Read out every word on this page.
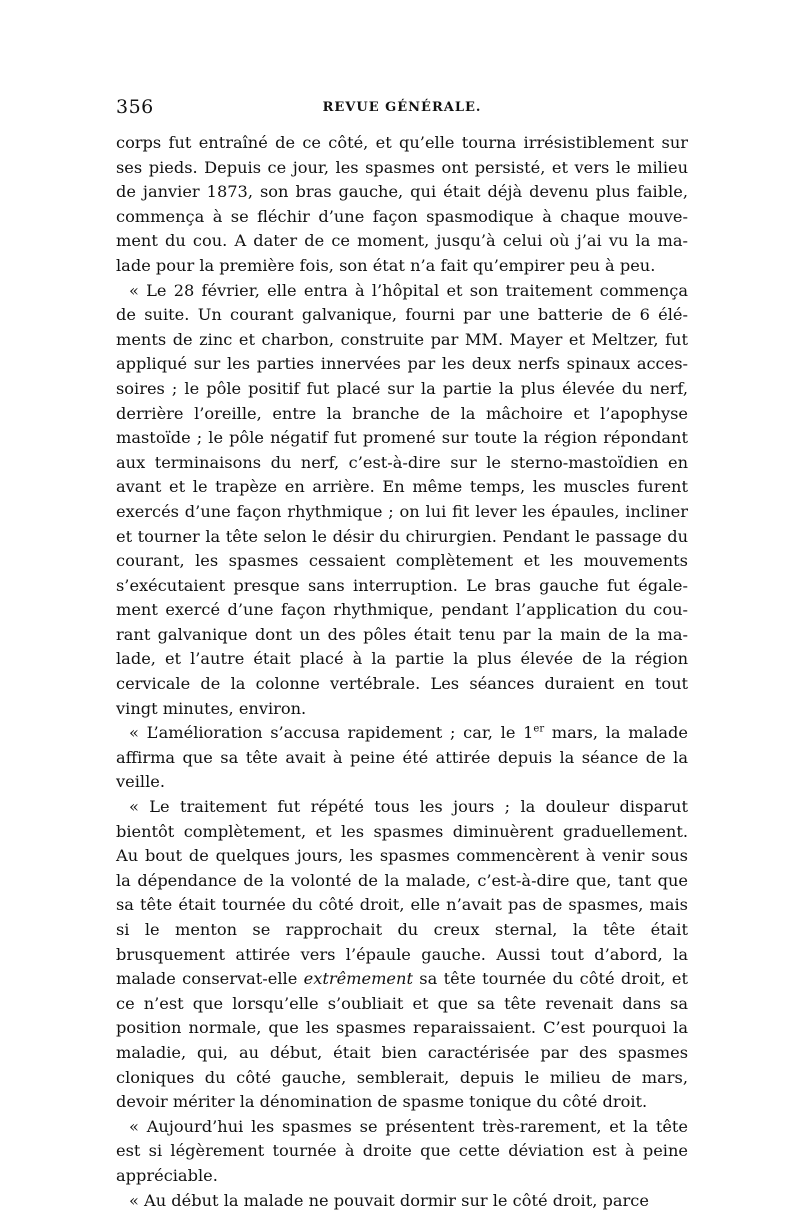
356	REVUE GÉNÉRALE.

corps fut entraîné de ce côté, et qu’elle tourna irrésistiblement sur ses pieds. Depuis ce jour, les spasmes ont persisté, et vers le milieu de janvier 1873, son bras gauche, qui était déjà devenu plus faible, commença à se fléchir d’une façon spasmodique à chaque mouvement du cou. A dater de ce moment, jusqu’à celui où j’ai vu la malade pour la première fois, son état n’a fait qu’empirer peu à peu.

« Le 28 février, elle entra à l’hôpital et son traitement commença de suite. Un courant galvanique, fourni par une batterie de 6 éléments de zinc et charbon, construite par MM. Mayer et Meltzer, fut appliqué sur les parties innervées par les deux nerfs spinaux accessoires ; le pôle positif fut placé sur la partie la plus élevée du nerf, derrière l’oreille, entre la branche de la mâchoire et l’apophyse mastoïde ; le pôle négatif fut promené sur toute la région répondant aux terminaisons du nerf, c’est-à-dire sur le sterno-mastoïdien en avant et le trapèze en arrière. En même temps, les muscles furent exercés d’une façon rhythmique ; on lui fit lever les épaules, incliner et tourner la tête selon le désir du chirurgien. Pendant le passage du courant, les spasmes cessaient complètement et les mouvements s’exécutaient presque sans interruption. Le bras gauche fut également exercé d’une façon rhythmique, pendant l’application du courant galvanique dont un des pôles était tenu par la main de la malade, et l’autre était placé à la partie la plus élevée de la région cervicale de la colonne vertébrale. Les séances duraient en tout vingt minutes, environ.

« L’amélioration s’accusa rapidement ; car, le 1er mars, la malade affirma que sa tête avait à peine été attirée depuis la séance de la veille.

« Le traitement fut répété tous les jours ; la douleur disparut bientôt complètement, et les spasmes diminuèrent graduellement. Au bout de quelques jours, les spasmes commencèrent à venir sous la dépendance de la volonté de la malade, c’est-à-dire que, tant que sa tête était tournée du côté droit, elle n’avait pas de spasmes, mais si le menton se rapprochait du creux sternal, la tête était brusquement attirée vers l’épaule gauche. Aussi tout d’abord, la malade conservat-elle extrêmement sa tête tournée du côté droit, et ce n’est que lorsqu’elle s’oubliait et que sa tête revenait dans sa position normale, que les spasmes reparaissaient. C’est pourquoi la maladie, qui, au début, était bien caractérisée par des spasmes cloniques du côté gauche, semblerait, depuis le milieu de mars, devoir mériter la dénomination de spasme tonique du côté droit.

« Aujourd’hui les spasmes se présentent très-rarement, et la tête est si légèrement tournée à droite que cette déviation est à peine appréciable.

« Au début la malade ne pouvait dormir sur le côté droit, parce
